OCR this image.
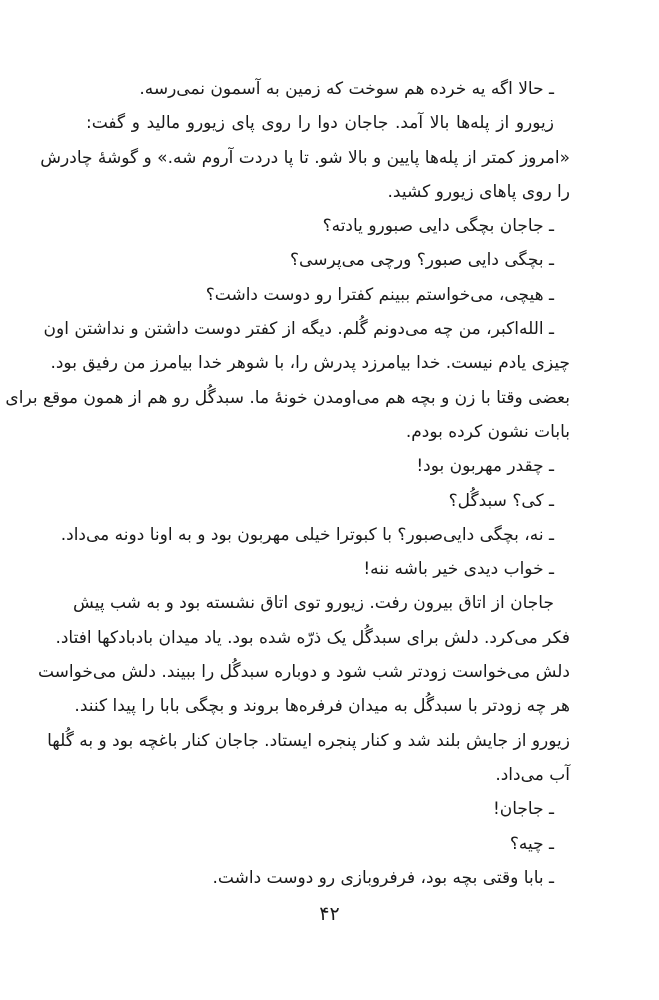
ـ حالا اگه یه خرده هم سوخت که زمین به آسمون نمی‌رسه.
زیورو از پله‌ها بالا آمد. جاجان دوا را روی پای زیورو مالید و گفت:
«امروز کمتر از پله‌ها پایین و بالا شو. تا پا دردت آروم شه.» و گوشهٔ چادرش
را روی پاهای زیورو کشید.
ـ جاجان بچگی دایی صبورو یادته؟
ـ بچگی دایی صبور؟ ورچی می‌پرسی؟
ـ هیچی، می‌خواستم ببینم کفترا رو دوست داشت؟
ـ الله‌اکبر، من چه می‌دونم گُلم. دیگه از کفتر دوست داشتن و نداشتن اون
چیزی یادم نیست. خدا بیامرزد پدرش را، با شوهر خدا بیامرز من رفیق بود.
بعضی وقتا با زن و بچه هم می‌اومدن خونهٔ ما. سبدگُل رو هم از همون موقع برای
بابات نشون کرده بودم.
ـ چقدر مهربون بود!
ـ کی؟ سبدگُل؟
ـ نه، بچگی دایی‌صبور؟ با کبوترا خیلی مهربون بود و به اونا دونه می‌داد.
ـ خواب دیدی خیر باشه ننه!
جاجان از اتاق بیرون رفت. زیورو توی اتاق نشسته بود و به شب پیش
فکر می‌کرد. دلش برای سبدگُل یک ذرّه شده بود. یاد میدان بادبادکها افتاد.
دلش می‌خواست زودتر شب شود و دوباره سبدگُل را ببیند. دلش می‌خواست
هر چه زودتر با سبدگُل به میدان فرفره‌ها بروند و بچگی بابا را پیدا کنند.
زیورو از جایش بلند شد و کنار پنجره ایستاد. جاجان کنار باغچه بود و به گُلها
آب می‌داد.
ـ جاجان!
ـ چیه؟
ـ بابا وقتی بچه بود، فرفروبازی رو دوست داشت.
۴۲
